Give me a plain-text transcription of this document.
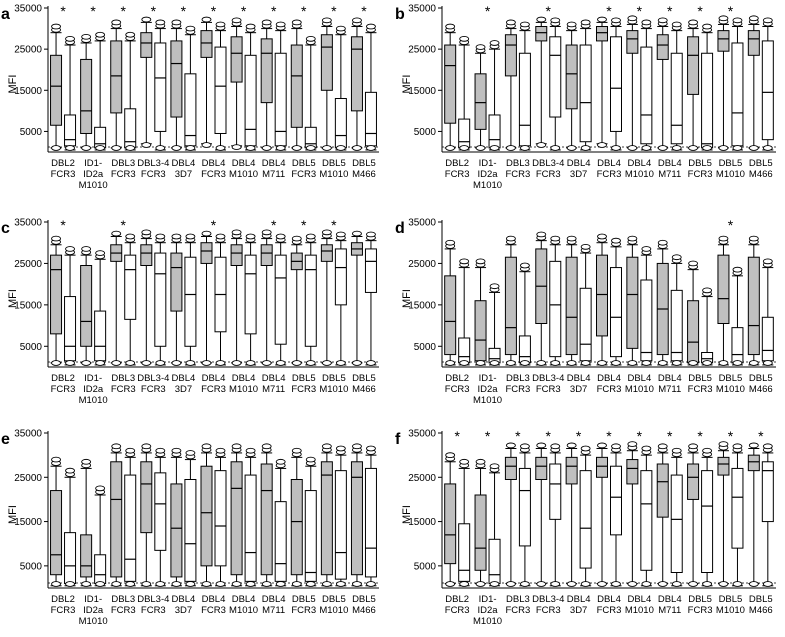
a
MFI
5000
15000
25000
35000
DBL2 FCR3
*
ID1-ID2a M1010
*
DBL3 FCR3
*
DBL3-4 FCR3
*
DBL4 3D7
*
DBL4 FCR3
*
DBL4 M1010
*
DBL4 M711
*
DBL5 FCR3
*
DBL5 M1010
*
DBL5 M466
* b
MFI
5000
15000
25000
35000
DBL2 FCR3
ID1-ID2a M1010
*
DBL3 FCR3
DBL3-4 FCR3
*
DBL4 3D7
DBL4 FCR3
*
DBL4 M1010
*
DBL4 M711
*
DBL5 FCR3
*
DBL5 M1010
*
DBL5 M466
c
MFI
5000
15000
25000
35000
DBL2 FCR3
*
ID1-ID2a M1010
DBL3 FCR3
*
DBL3-4 FCR3
DBL4 3D7
DBL4 FCR3
*
DBL4 M1010
DBL4 M711
*
DBL5 FCR3
*
DBL5 M1010
*
DBL5 M466
d
MFI
5000
15000
25000
35000
DBL2 FCR3
ID1-ID2a M1010
DBL3 FCR3
DBL3-4 FCR3
DBL4 3D7
DBL4 FCR3
DBL4 M1010
DBL4 M711
DBL5 FCR3
DBL5 M1010
*
DBL5 M466
e
MFI
5000
15000
25000
35000
DBL2 FCR3
ID1-ID2a M1010
DBL3 FCR3
DBL3-4 FCR3
DBL4 3D7
DBL4 FCR3
DBL4 M1010
DBL4 M711
DBL5 FCR3
DBL5 M1010
DBL5 M466
f
MFI
5000
15000
25000
35000
DBL2 FCR3
*
ID1-ID2a M1010
*
DBL3 FCR3
*
DBL3-4 FCR3
*
DBL4 3D7
*
DBL4 FCR3
*
DBL4 M1010
*
DBL4 M711
*
DBL5 FCR3
*
DBL5 M1010
*
DBL5 M466
*
